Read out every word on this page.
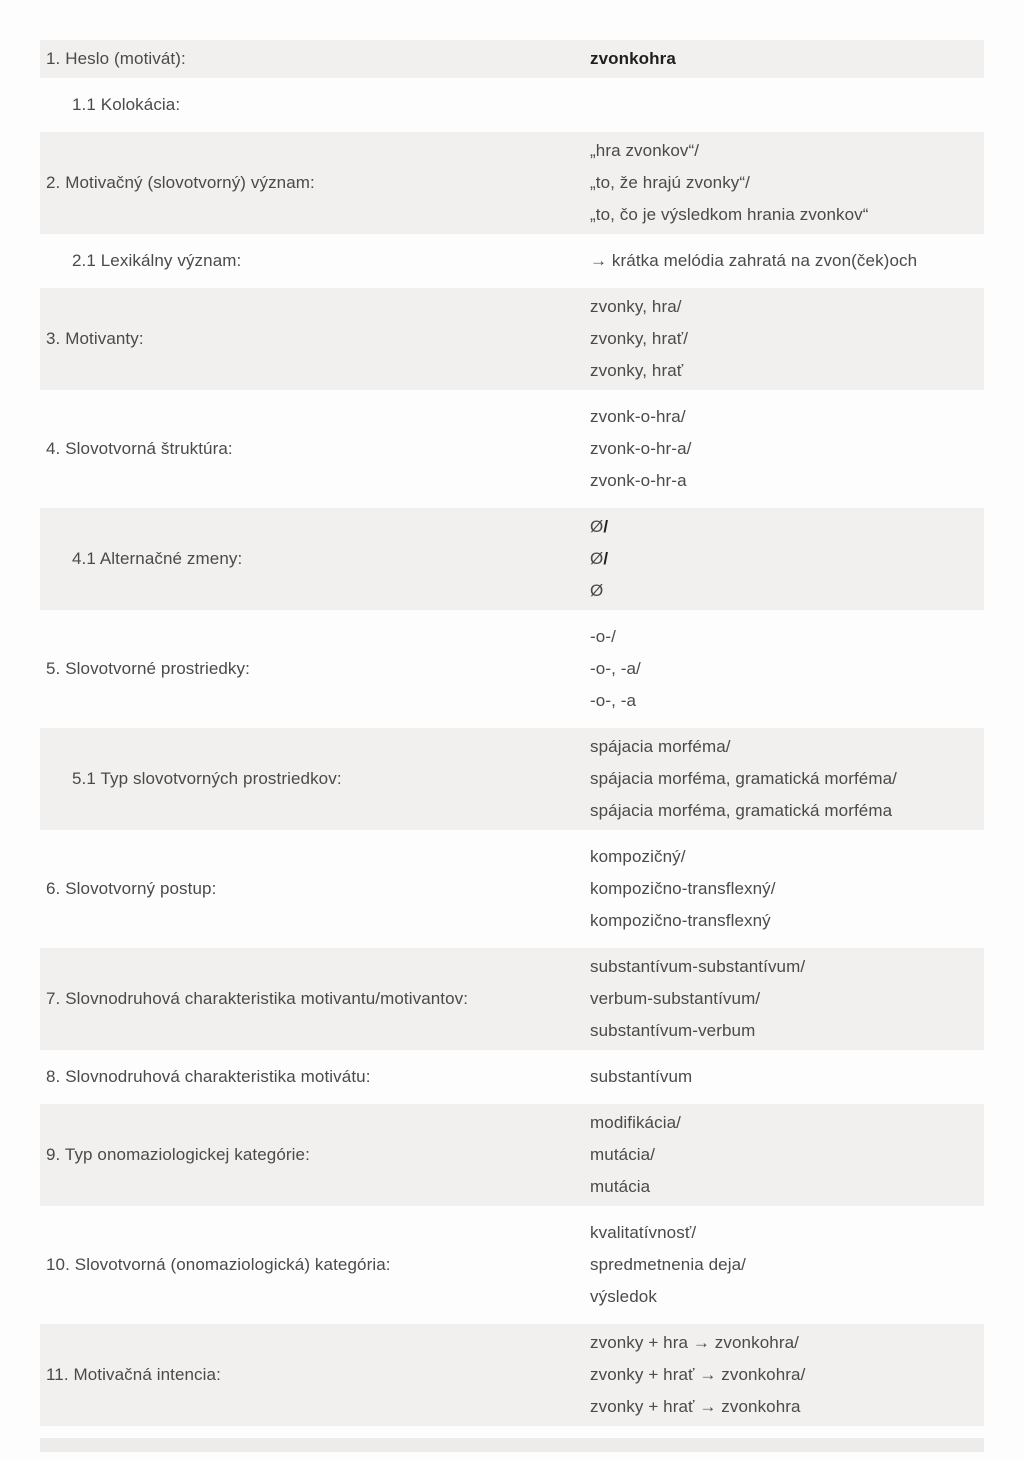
1. Heslo (motivát):	zvonkohra
1.1 Kolokácia:
2. Motivačný (slovotvorný) význam:
„hra zvonkov“/
„to, že hrajú zvonky“/
„to, čo je výsledkom hrania zvonkov“
2.1 Lexikálny význam:	→ krátka melódia zahratá na zvon(ček)och
3. Motivanty:
zvonky, hra/
zvonky, hrať/
zvonky, hrať
4. Slovotvorná štruktúra:
zvonk-o-hra/
zvonk-o-hr-a/
zvonk-o-hr-a
4.1 Alternačné zmeny:
Ø/
Ø/
Ø
5. Slovotvorné prostriedky:
-o-/
-o-, -a/
-o-, -a
5.1 Typ slovotvorných prostriedkov:
spájacia morféma/
spájacia morféma, gramatická morféma/
spájacia morféma, gramatická morféma
6. Slovotvorný postup:
kompozičný/
kompozično-transflexný/
kompozično-transflexný
7. Slovnodruhová charakteristika motivantu/motivantov:
substantívum-substantívum/
verbum-substantívum/
substantívum-verbum
8. Slovnodruhová charakteristika motivátu:	substantívum
9. Typ onomaziologickej kategórie:
modifikácia/
mutácia/
mutácia
10. Slovotvorná (onomaziologická) kategória:
kvalitatívnosť/
spredmetnenia deja/
výsledok
11. Motivačná intencia:
zvonky + hra → zvonkohra/
zvonky + hrať → zvonkohra/
zvonky + hrať → zvonkohra
